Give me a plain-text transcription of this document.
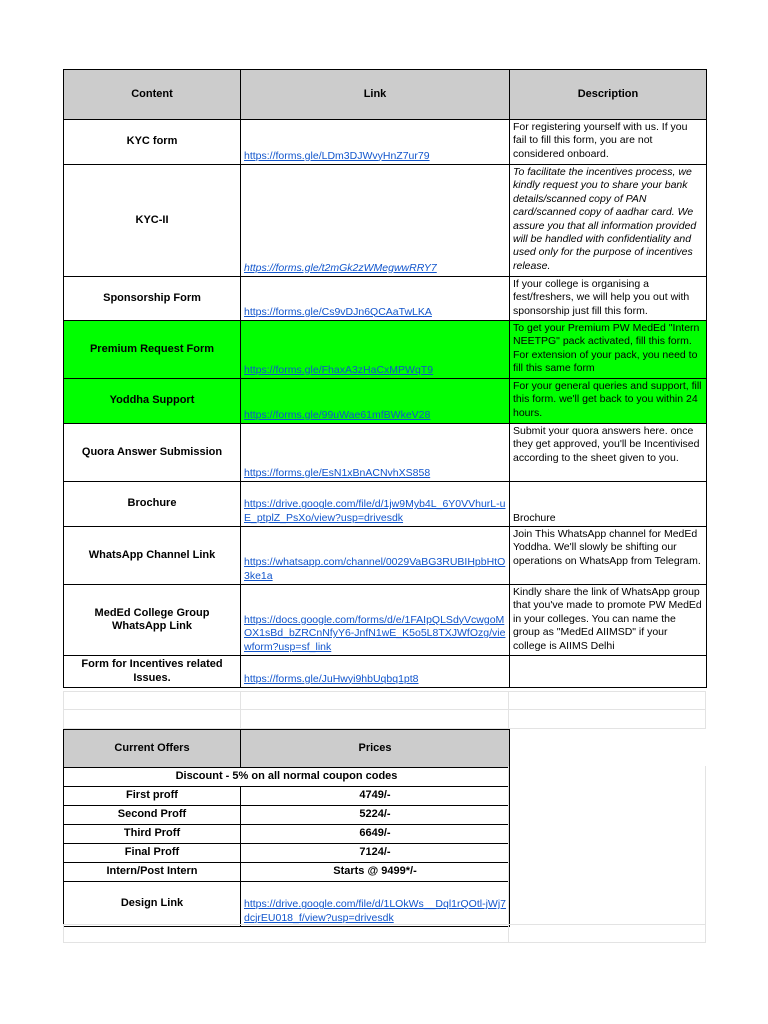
Content	Link	Description
KYC form	https://forms.gle/LDm3DJWvyHnZ7ur79	For registering yourself with us. If you fail to fill this form, you are not considered onboard.
KYC-II	https://forms.gle/t2mGk2zWMegwwRRY7	To facilitate the incentives process, we kindly request you to share your bank details/scanned copy of PAN card/scanned copy of aadhar card. We assure you that all information provided will be handled with confidentiality and used only for the purpose of incentives release.
Sponsorship Form	https://forms.gle/Cs9vDJn6QCAaTwLKA	If your college is organising a fest/freshers, we will help you out with sponsorship just fill this form.
Premium Request Form	https://forms.gle/FhaxA3zHaCxMPWqT9	To get your Premium PW MedEd "Intern NEETPG" pack activated, fill this form. For extension of your pack, you need to fill this same form
Yoddha Support	https://forms.gle/99uWae61mfBWkeV28	For your general queries and support, fill this form. we'll get back to you within 24 hours.
Quora Answer Submission	https://forms.gle/EsN1xBnACNvhXS858	Submit your quora answers here. once they get approved, you'll be Incentivised according to the sheet given to you.
Brochure	https://drive.google.com/file/d/1jw9Myb4L_6Y0VVhurL-uE_ptplZ_PsXo/view?usp=drivesdk	Brochure
WhatsApp Channel Link	https://whatsapp.com/channel/0029VaBG3RUBIHpbHtO3ke1a	Join This WhatsApp channel for MedEd Yoddha. We'll slowly be shifting our operations on WhatsApp from Telegram.
MedEd College Group WhatsApp Link	https://docs.google.com/forms/d/e/1FAIpQLSdyVcwgoMOX1sBd_bZRCnNfyY6-JnfN1wE_K5o5L8TXJWfOzg/viewform?usp=sf_link	Kindly share the link of WhatsApp group that you've made to promote PW MedEd in your colleges. You can name the group as "MedEd AIIMSD" if your college is AIIMS Delhi
Form for Incentives related Issues.	https://forms.gle/JuHwyi9hbUqbq1pt8	
Current Offers	Prices
Discount - 5% on all normal coupon codes	
First proff	4749/-
Second Proff	5224/-
Third Proff	6649/-
Final Proff	7124/-
Intern/Post Intern	Starts @ 9499*/-
Design Link	https://drive.google.com/file/d/1LOkWs__Dql1rQOtl-jWj7dcjrEU018_f/view?usp=drivesdk
